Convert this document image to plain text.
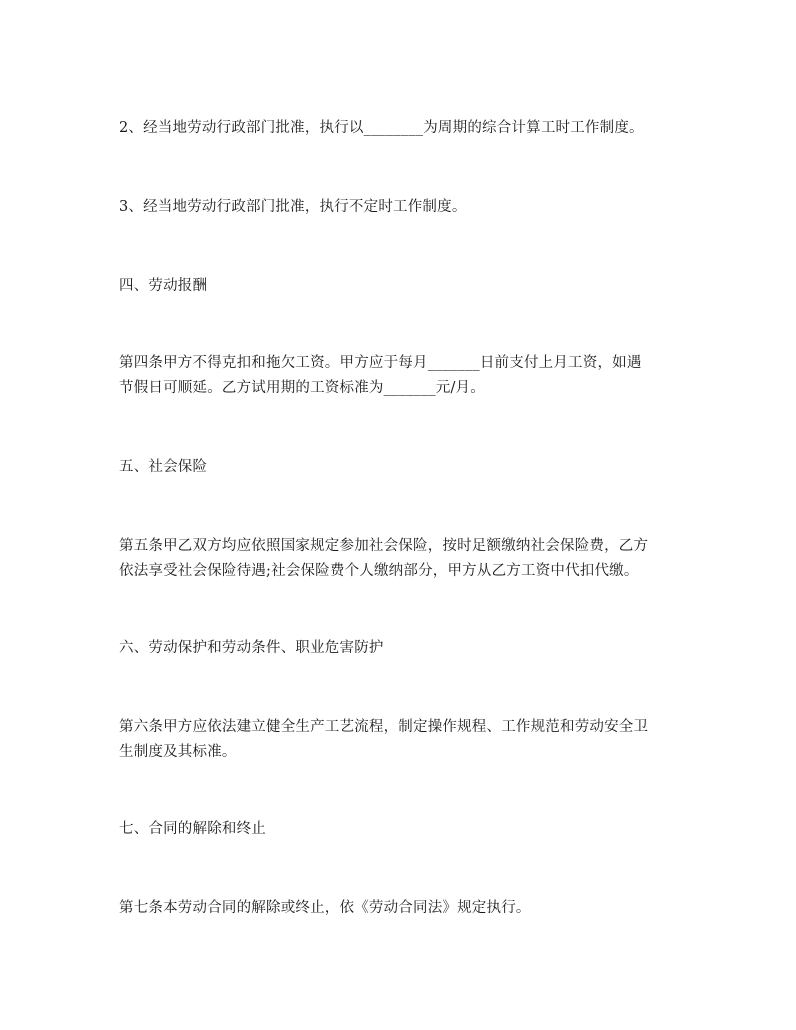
2、经当地劳动行政部门批准，执行以________为周期的综合计算工时工作制度。
3、经当地劳动行政部门批准，执行不定时工作制度。
四、劳动报酬
第四条甲方不得克扣和拖欠工资。甲方应于每月_______日前支付上月工资，如遇
节假日可顺延。乙方试用期的工资标准为_______元/月。
五、社会保险
第五条甲乙双方均应依照国家规定参加社会保险，按时足额缴纳社会保险费，乙方
依法享受社会保险待遇;社会保险费个人缴纳部分，甲方从乙方工资中代扣代缴。
六、劳动保护和劳动条件、职业危害防护
第六条甲方应依法建立健全生产工艺流程，制定操作规程、工作规范和劳动安全卫
生制度及其标准。
七、合同的解除和终止
第七条本劳动合同的解除或终止，依《劳动合同法》规定执行。
